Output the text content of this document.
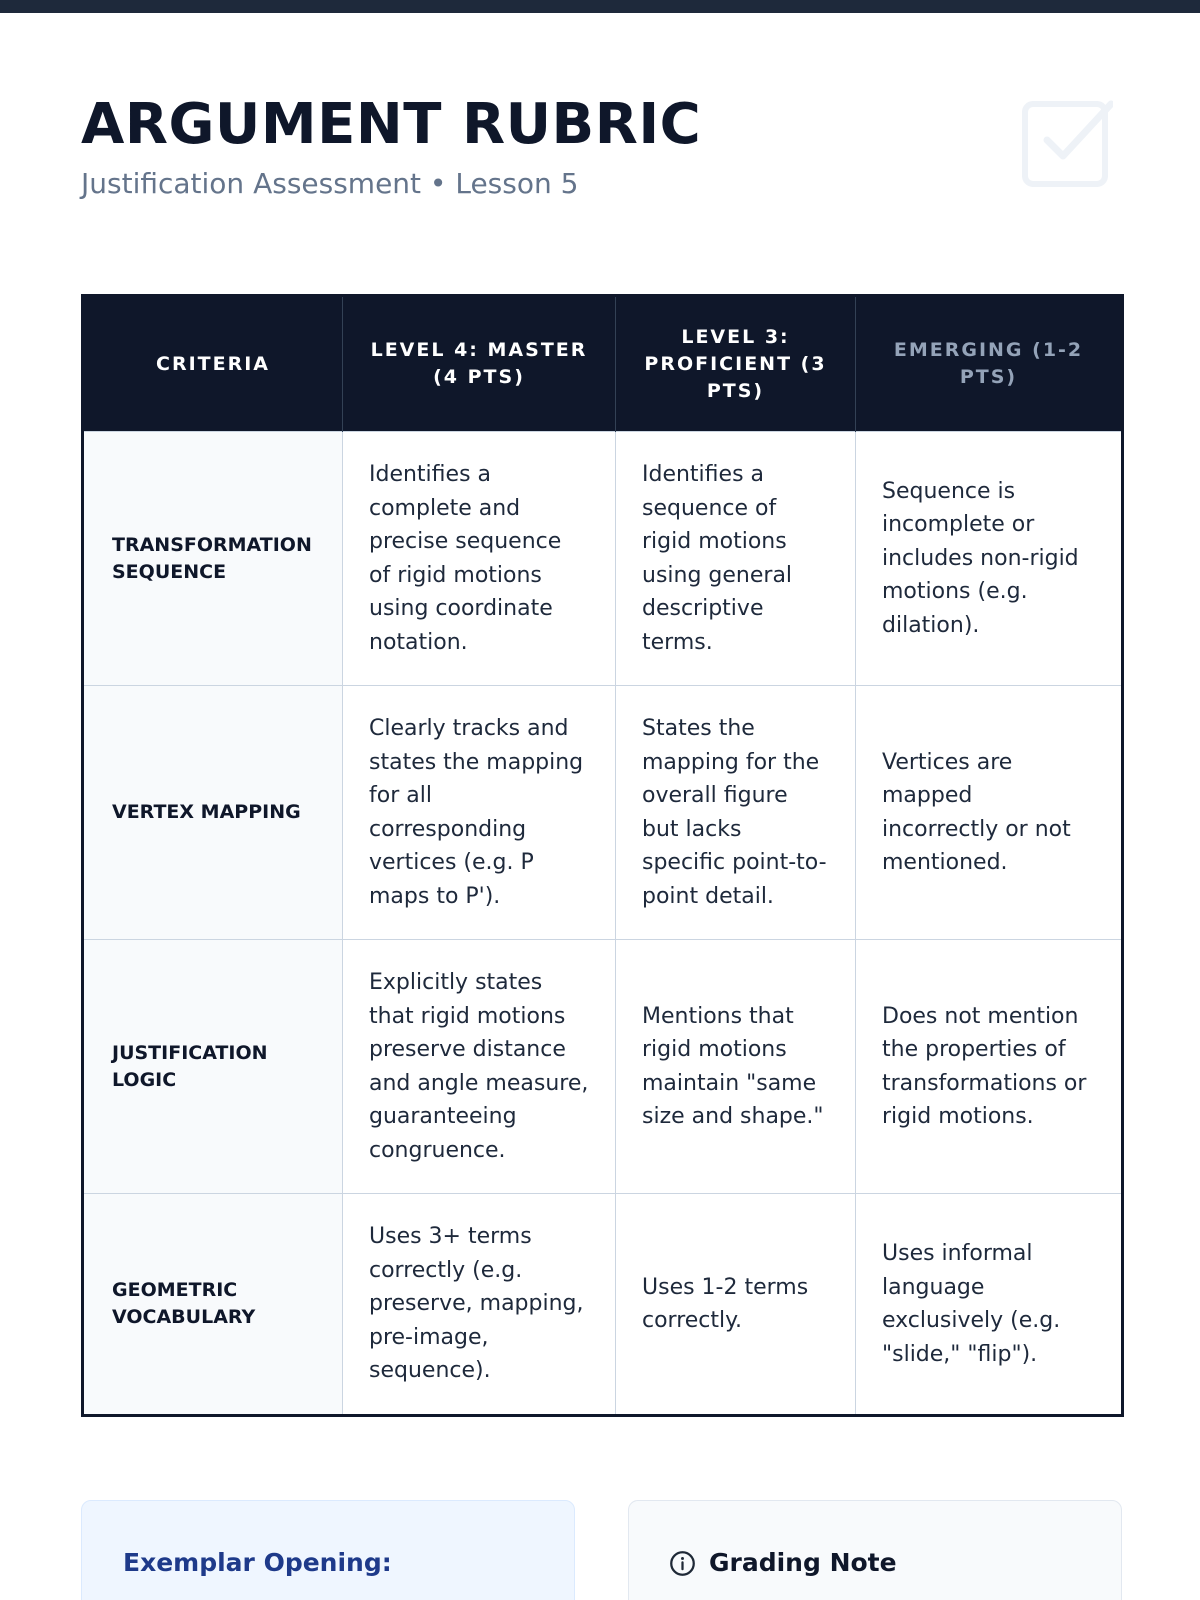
ARGUMENT RUBRIC
Justification Assessment • Lesson 5
CRITERIA	LEVEL 4: MASTER (4 PTS)	LEVEL 3: PROFICIENT (3 PTS)	EMERGING (1-2 PTS)
TRANSFORMATION SEQUENCE	Identifies a complete and precise sequence of rigid motions using coordinate notation.	Identifies a sequence of rigid motions using general descriptive terms.	Sequence is incomplete or includes non-rigid motions (e.g. dilation).
VERTEX MAPPING	Clearly tracks and states the mapping for all corresponding vertices (e.g. P maps to P').	States the mapping for the overall figure but lacks specific point-to-point detail.	Vertices are mapped incorrectly or not mentioned.
JUSTIFICATION LOGIC	Explicitly states that rigid motions preserve distance and angle measure, guaranteeing congruence.	Mentions that rigid motions maintain "same size and shape."	Does not mention the properties of transformations or rigid motions.
GEOMETRIC VOCABULARY	Uses 3+ terms correctly (e.g. preserve, mapping, pre-image, sequence).	Uses 1-2 terms correctly.	Uses informal language exclusively (e.g. "slide," "flip").
Exemplar Opening:	Grading Note
